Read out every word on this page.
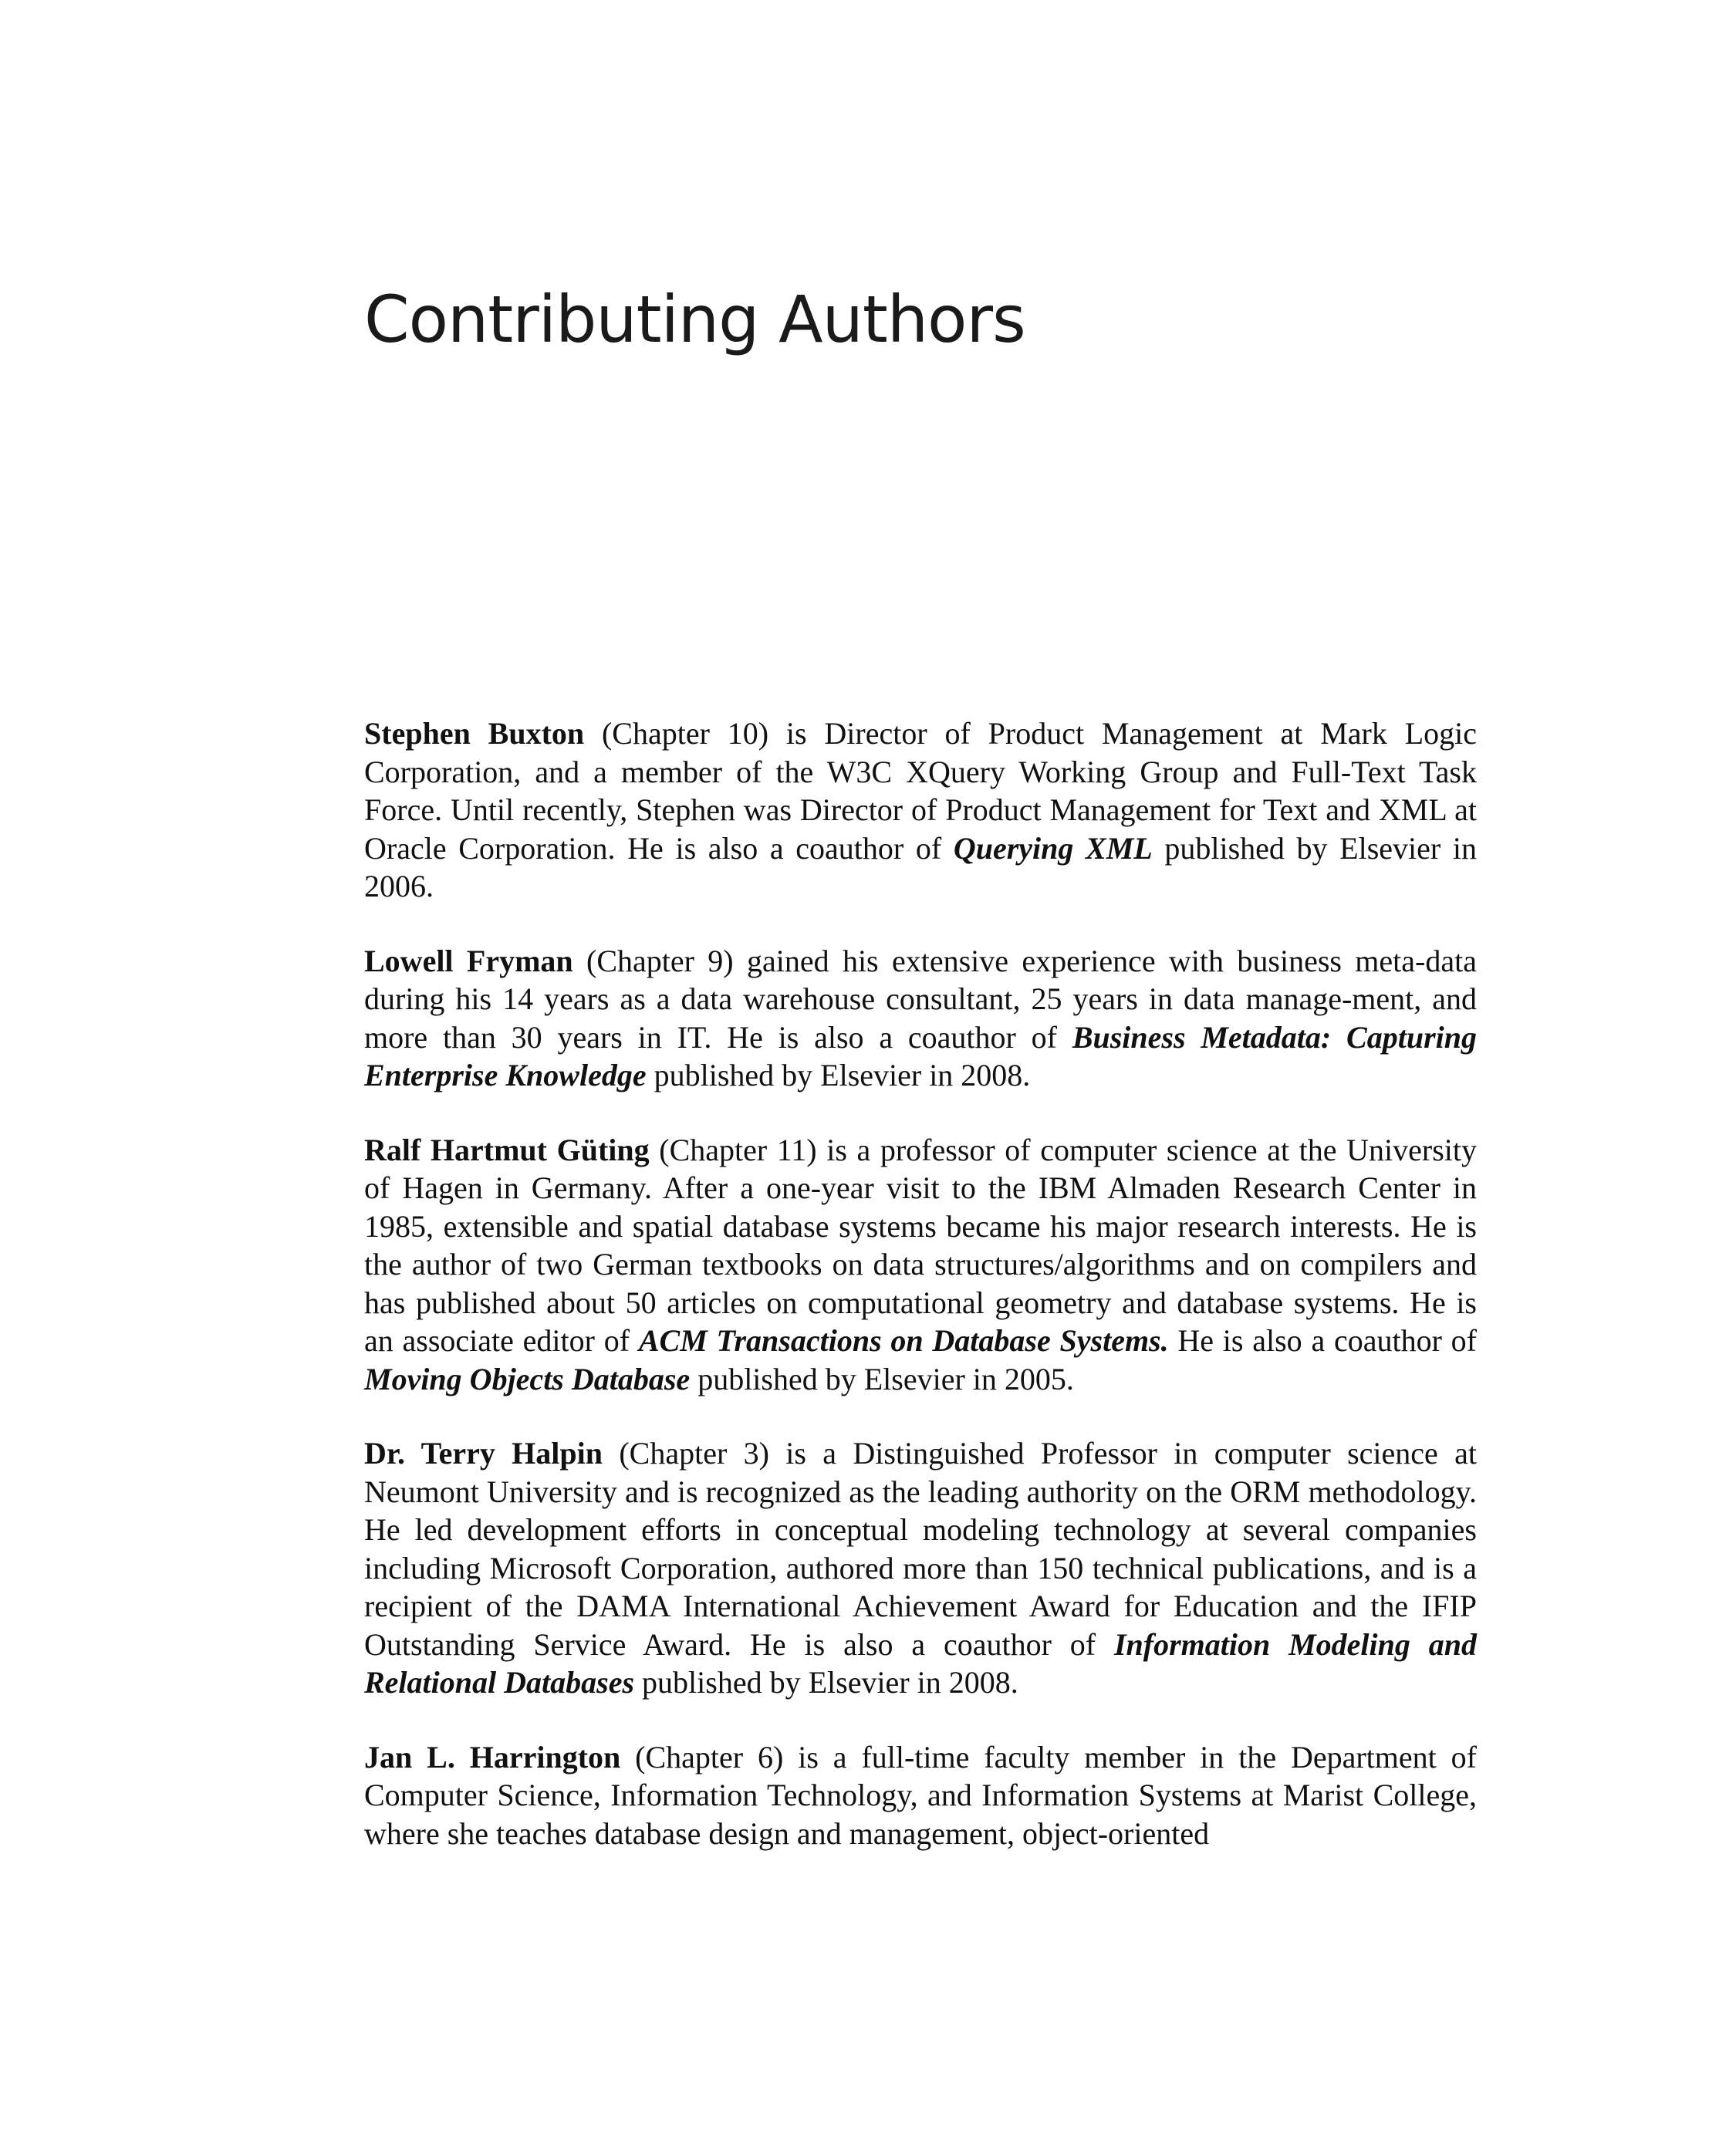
Contributing Authors

Stephen Buxton (Chapter 10) is Director of Product Management at Mark Logic Corporation, and a member of the W3C XQuery Working Group and Full-Text Task Force. Until recently, Stephen was Director of Product Management for Text and XML at Oracle Corporation. He is also a coauthor of Querying XML published by Elsevier in 2006.

Lowell Fryman (Chapter 9) gained his extensive experience with business meta-data during his 14 years as a data warehouse consultant, 25 years in data manage-ment, and more than 30 years in IT. He is also a coauthor of Business Metadata: Capturing Enterprise Knowledge published by Elsevier in 2008.

Ralf Hartmut Güting (Chapter 11) is a professor of computer science at the University of Hagen in Germany. After a one-year visit to the IBM Almaden Research Center in 1985, extensible and spatial database systems became his major research interests. He is the author of two German textbooks on data structures/algorithms and on compilers and has published about 50 articles on computational geometry and database systems. He is an associate editor of ACM Transactions on Database Systems. He is also a coauthor of Moving Objects Database published by Elsevier in 2005.

Dr. Terry Halpin (Chapter 3) is a Distinguished Professor in computer science at Neumont University and is recognized as the leading authority on the ORM methodology. He led development efforts in conceptual modeling technology at several companies including Microsoft Corporation, authored more than 150 technical publications, and is a recipient of the DAMA International Achievement Award for Education and the IFIP Outstanding Service Award. He is also a coauthor of Information Modeling and Relational Databases published by Elsevier in 2008.

Jan L. Harrington (Chapter 6) is a full-time faculty member in the Department of Computer Science, Information Technology, and Information Systems at Marist College, where she teaches database design and management, object-oriented
